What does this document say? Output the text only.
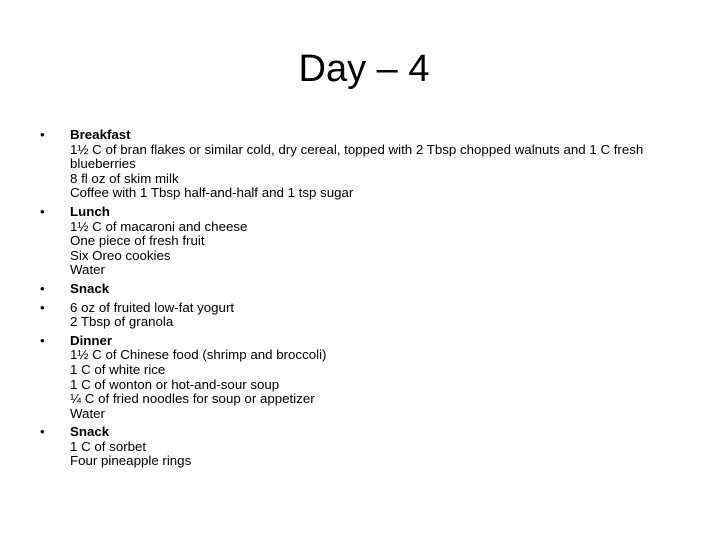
Day – 4
•	Breakfast
1½ C of bran flakes or similar cold, dry cereal, topped with 2 Tbsp chopped walnuts and 1 C fresh blueberries
8 fl oz of skim milk
Coffee with 1 Tbsp half-and-half and 1 tsp sugar
•	Lunch
1½ C of macaroni and cheese
One piece of fresh fruit
Six Oreo cookies
Water
•	Snack
•	6 oz of fruited low-fat yogurt
2 Tbsp of granola
•	Dinner
1½ C of Chinese food (shrimp and broccoli)
1 C of white rice
1 C of wonton or hot-and-sour soup
¼ C of fried noodles for soup or appetizer
Water
•	Snack
1 C of sorbet
Four pineapple rings
